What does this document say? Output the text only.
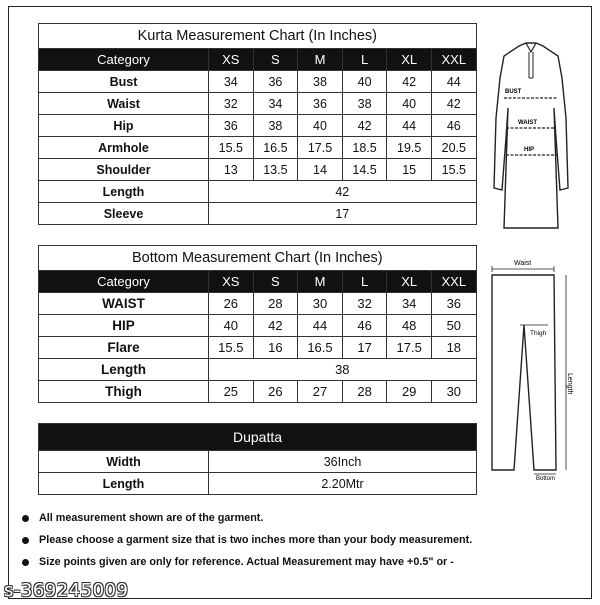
Kurta Measurement Chart (In Inches)						
Category	XS	S	M	L	XL	XXL
Bust	34	36	38	40	42	44
Waist	32	34	36	38	40	42
Hip	36	38	40	42	44	46
Armhole	15.5	16.5	17.5	18.5	19.5	20.5
Shoulder	13	13.5	14	14.5	15	15.5
Length	42					
Sleeve	17					
Bottom Measurement Chart (In Inches)						
Category	XS	S	M	L	XL	XXL
WAIST	26	28	30	32	34	36
HIP	40	42	44	46	48	50
Flare	15.5	16	16.5	17	17.5	18
Length	38					
Thigh	25	26	27	28	29	30
Dupatta	
Width	36Inch
Length	2.20Mtr
BUST
WAIST
HIP
Waist
Thigh
Length
Bottom
All measurement shown are of the garment.
Please choose a garment size that is two inches more than your body measurement.
Size points given are only for reference. Actual Measurement may have +0.5" or -
s-369245009
